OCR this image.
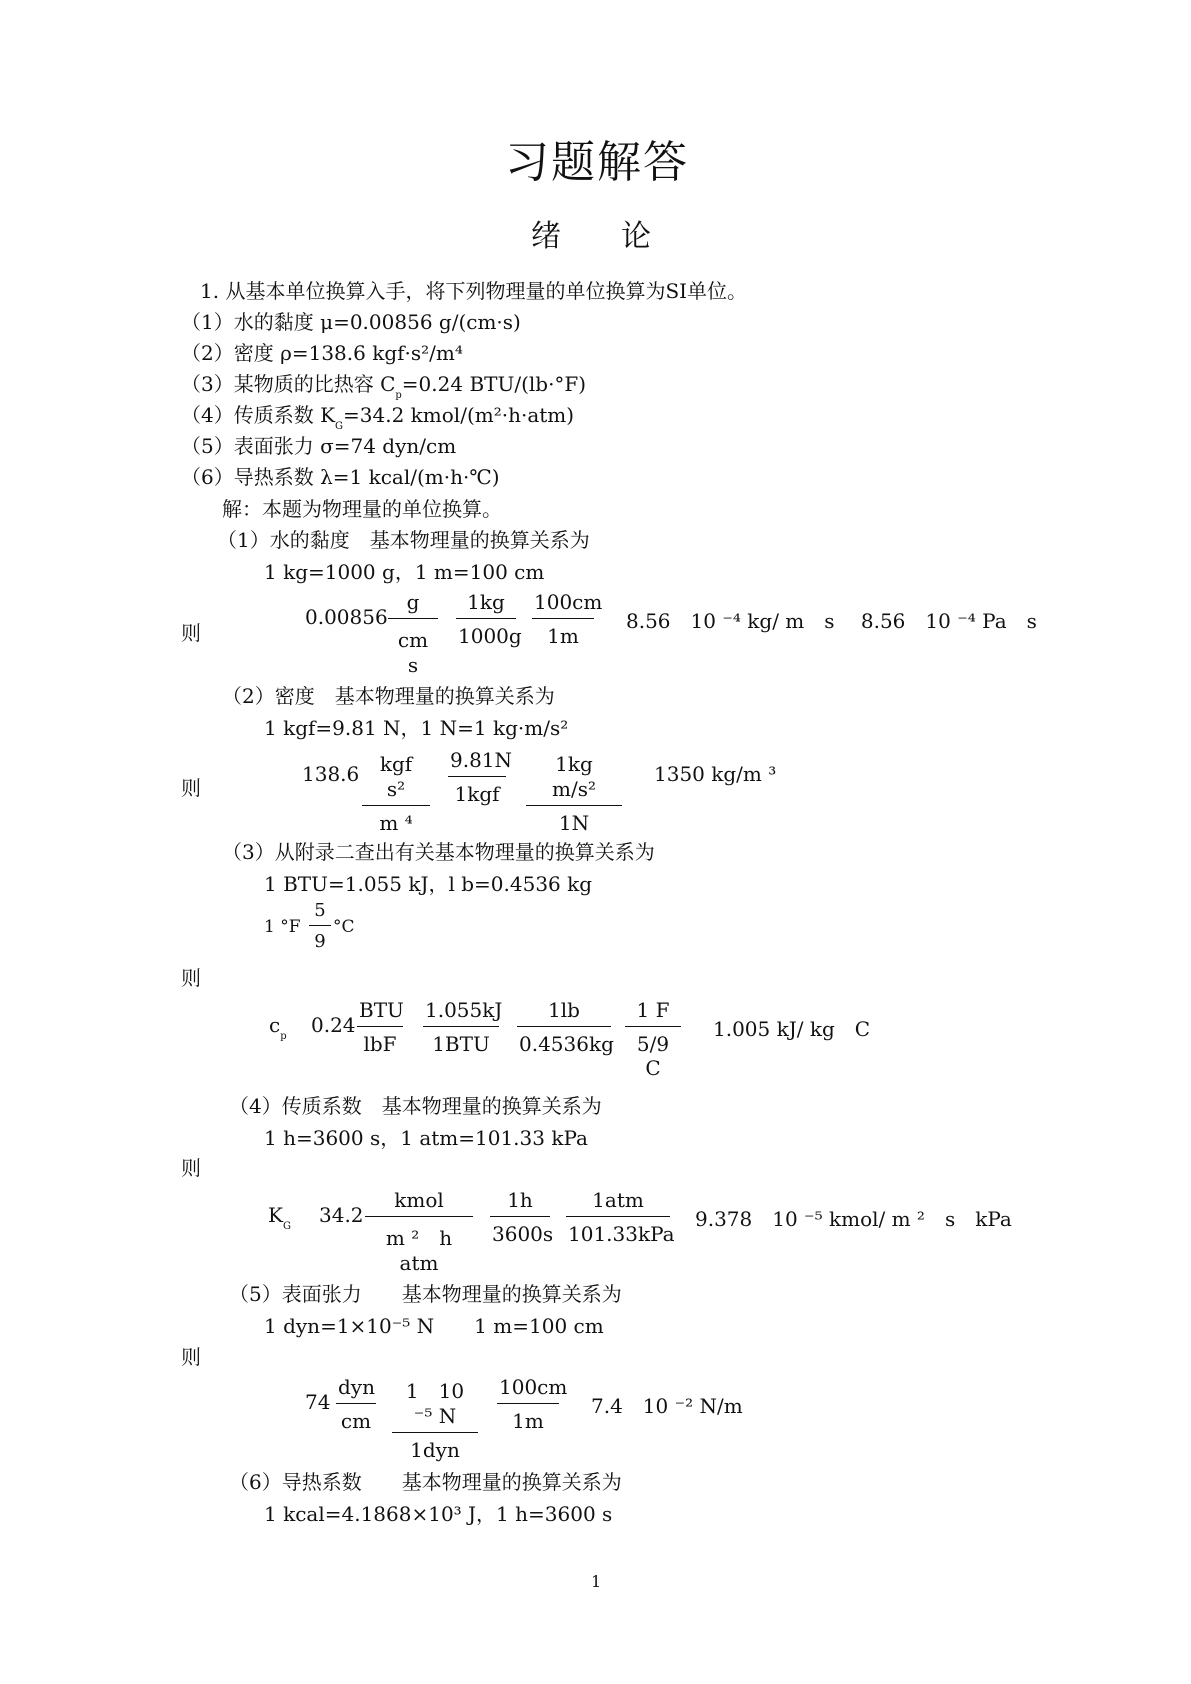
习题解答
绪　　论
1. 从基本单位换算入手，将下列物理量的单位换算为SI单位。
（1）水的黏度 μ=0.00856 g/(cm·s)
（2）密度 ρ=138.6 kgf·s²/m⁴
（3）某物质的比热容 $C_p=0.24$ BTU/(lb·°F)
（4）传质系数 $K_G=34.2$ kmol/(m²·h·atm)
（5）表面张力 σ=74 dyn/cm
（6）导热系数 λ=1 kcal/(m·h·℃)
解：本题为物理量的单位换算。
（1）水的黏度　基本物理量的换算关系为
1 kg=1000 g，1 m=100 cm
则
0.00856
g
cm　s
1kg
1000g
100cm
1m
8.56　10 ⁻⁴ kg/ m　s　 8.56　10 ⁻⁴ Pa　s
（2）密度　基本物理量的换算关系为
1 kgf=9.81 N，1 N=1 kg·m/s²
则
138.6	kgf　s²
m ⁴
9.81N
1kgf
1kg　m/s²
1N
1350 kg/m ³
（3）从附录二查出有关基本物理量的换算关系为
1 BTU=1.055 kJ，l b=0.4536 kg
1 °F
5
9
°C
则
$c_p$ 0.24
BTU
lbF
1.055kJ
1BTU
1lb
0.4536kg
1 F
5/9 C
1.005 kJ/ kg　C
（4）传质系数　基本物理量的换算关系为
1 h=3600 s，1 atm=101.33 kPa
则
$K_G$ 34.2
kmol
m ²　h　atm
1h
3600s
1atm
101.33kPa
9.378　10 ⁻⁵ kmol/ m ²　s　kPa
（5）表面张力　　基本物理量的换算关系为
1 dyn=1×10⁻⁵ N　　1 m=100 cm
则
74
dyn
cm
1　10 ⁻⁵ N
1dyn
100cm
1m
7.4　10 ⁻² N/m
（6）导热系数　　基本物理量的换算关系为
1 kcal=4.1868×10³ J，1 h=3600 s
1
